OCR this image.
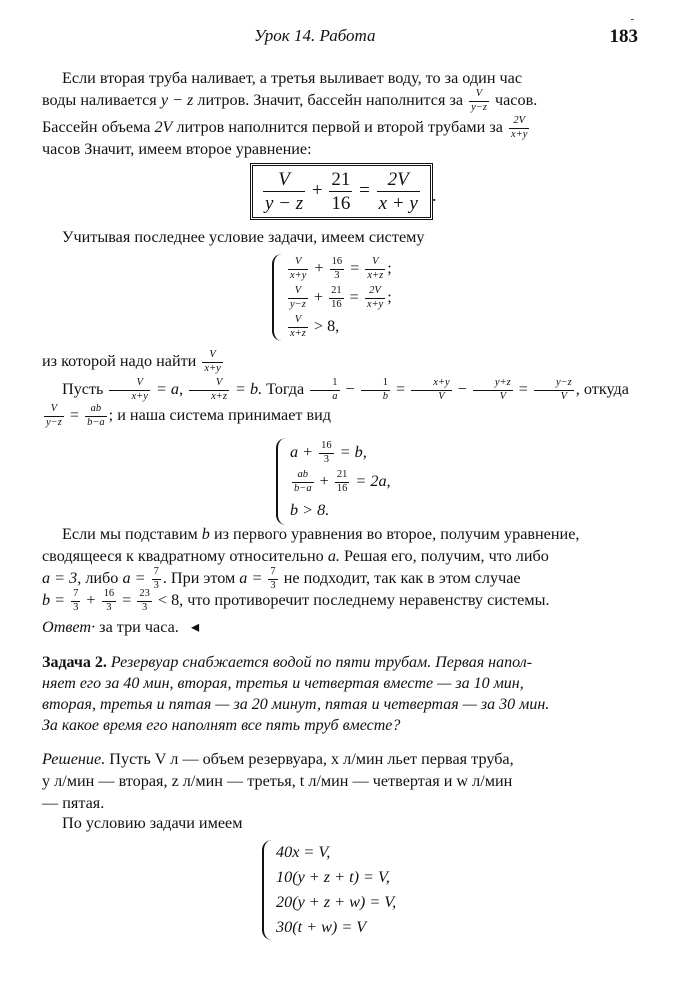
-
Урок 14. Работа	183
Если вторая труба наливает, а третья выливает воду, то за один час
воды наливается y − z литров. Значит, бассейн наполнится за $\frac{V}{y-z}$ часов.
Бассейн объема 2V литров наполнится первой и второй трубами за $\frac{2V}{x+y}$
часов Значит, имеем второе уравнение:
$\frac{V}{y - z} + \frac{21}{16} = \frac{2V}{x + y}$ .
Учитывая последнее условие задачи, имеем систему
$\frac{V}{x+y} + \frac{16}{3} = \frac{V}{x+z}$ ;
$\frac{V}{y-z} + \frac{21}{16} = \frac{2V}{x+y}$ ;
$\frac{V}{x+z} > 8$,
из которой надо найти $\frac{V}{x+y}$
Пусть $\frac{V}{x+y} = a$, $\frac{V}{x+z} = b$. Тогда $\frac{1}{a} - \frac{1}{b} = \frac{x+y}{V} - \frac{y+z}{V} = \frac{y-z}{V}$ , откуда
$\frac{V}{y-z} = \frac{ab}{b-a}$ ; и наша система принимает вид
$a + \frac{16}{3} = b$,
$\frac{ab}{b-a} + \frac{21}{16} = 2a$,
b > 8.
Если мы подставим b из первого уравнения во второе, получим уравнение,
сводящееся к квадратному относительно a. Решая его, получим, что либо
a = 3, либо $a = \frac{7}{3}$ . При этом $a = \frac{7}{3}$ не подходит, так как в этом случае
$b = \frac{7}{3} + \frac{16}{3} = \frac{23}{3} < 8$, что противоречит последнему неравенству системы.
Ответ· за три часа. ◂
Задача 2. Резервуар снабжается водой по пяти трубам. Первая напол-
няет его за 40 мин, вторая, третья и четвертая вместе — за 10 мин,
вторая, третья и пятая — за 20 минут, пятая и четвертая — за 30 мин.
За какое время его наполнят все пять труб вместе?
Решение. Пусть V л — объем резервуара, x л/мин льет первая труба,
y л/мин — вторая, z л/мин — третья, t л/мин — четвертая и w л/мин
— пятая.
По условию задачи имеем
40x = V,
10(y + z + t) = V,
20(y + z + w) = V,
30(t + w) = V
